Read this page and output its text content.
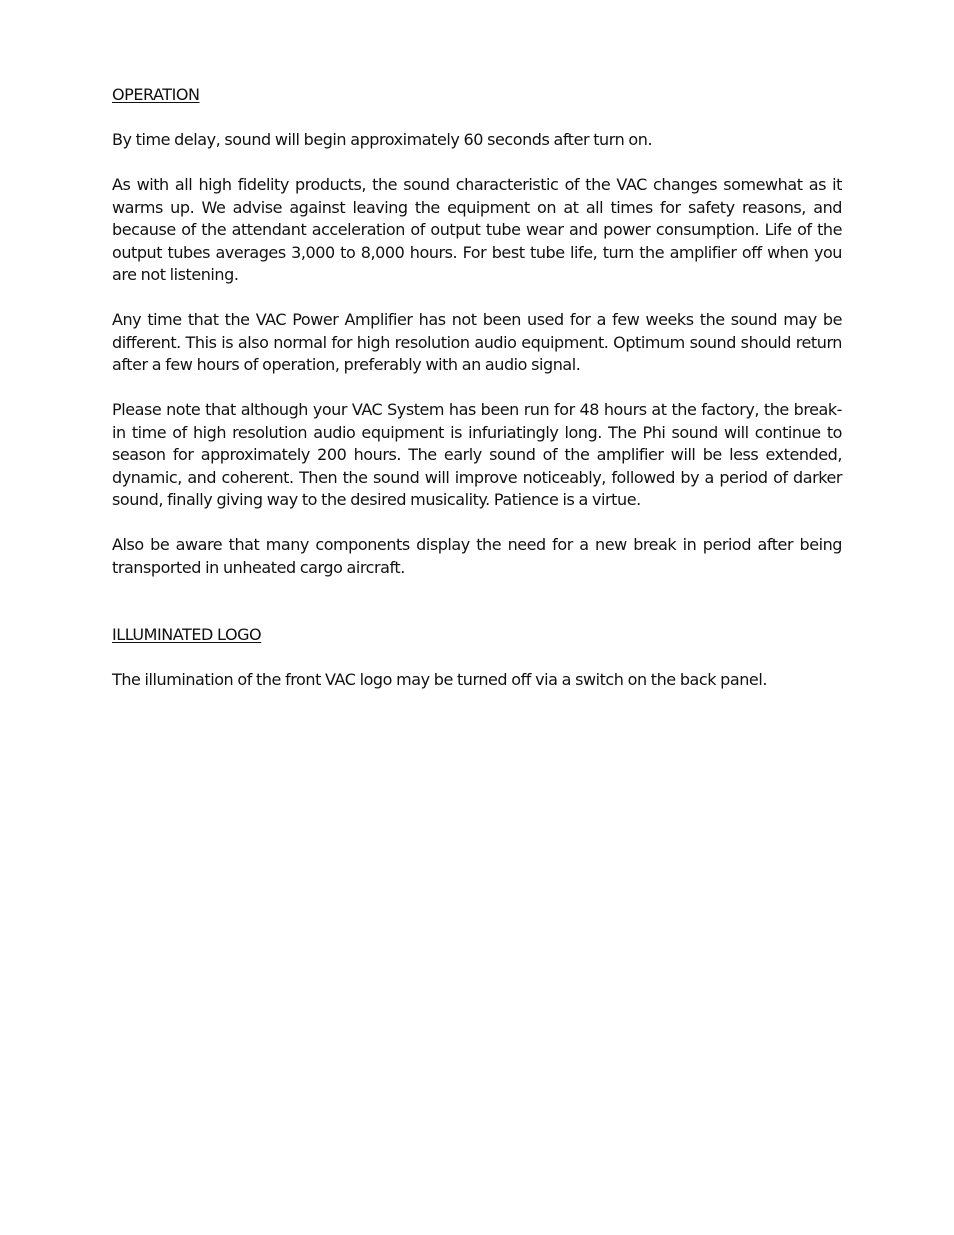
OPERATION

By time delay, sound will begin approximately 60 seconds after turn on.

As with all high fidelity products, the sound characteristic of the VAC changes somewhat as it warms up. We advise against leaving the equipment on at all times for safety reasons, and because of the attendant acceleration of output tube wear and power consumption. Life of the output tubes averages 3,000 to 8,000 hours. For best tube life, turn the amplifier off when you are not listening.

Any time that the VAC Power Amplifier has not been used for a few weeks the sound may be different. This is also normal for high resolution audio equipment. Optimum sound should return after a few hours of operation, preferably with an audio signal.

Please note that although your VAC System has been run for 48 hours at the factory, the break-in time of high resolution audio equipment is infuriatingly long. The Phi sound will continue to season for approximately 200 hours. The early sound of the amplifier will be less extended, dynamic, and coherent. Then the sound will improve noticeably, followed by a period of darker sound, finally giving way to the desired musicality. Patience is a virtue.

Also be aware that many components display the need for a new break in period after being transported in unheated cargo aircraft.

ILLUMINATED LOGO

The illumination of the front VAC logo may be turned off via a switch on the back panel.
